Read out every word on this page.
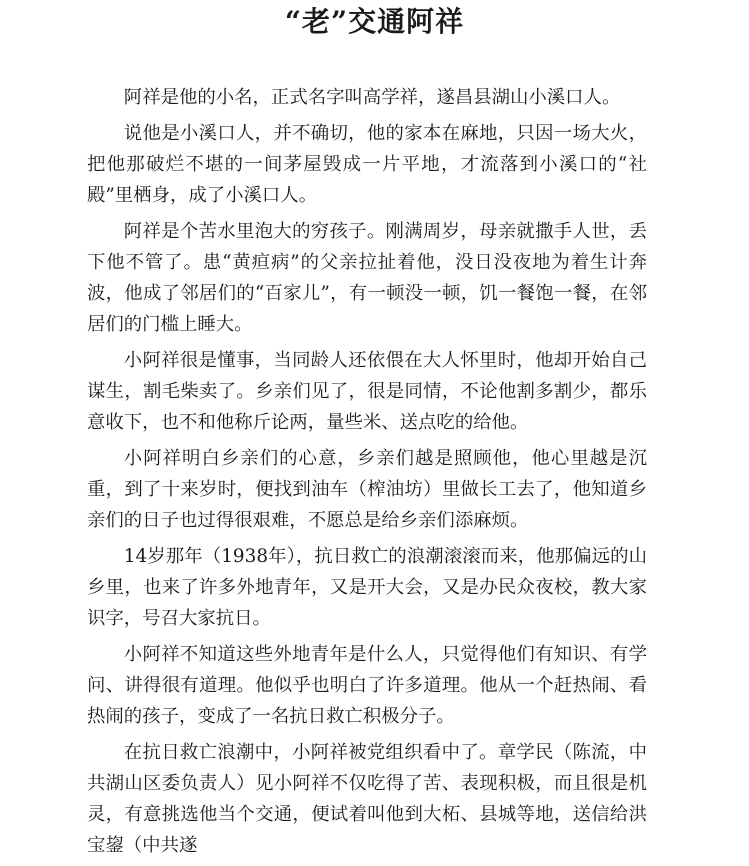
“老”交通阿祥

阿祥是他的小名，正式名字叫高学祥，遂昌县湖山小溪口人。

说他是小溪口人，并不确切，他的家本在麻地，只因一场大火，把他那破烂不堪的一间茅屋毁成一片平地，才流落到小溪口的“社殿”里栖身，成了小溪口人。

阿祥是个苦水里泡大的穷孩子。刚满周岁，母亲就撒手人世，丢下他不管了。患“黄疸病”的父亲拉扯着他，没日没夜地为着生计奔波，他成了邻居们的“百家儿”，有一顿没一顿，饥一餐饱一餐，在邻居们的门槛上睡大。

小阿祥很是懂事，当同龄人还依偎在大人怀里时，他却开始自己谋生，割毛柴卖了。乡亲们见了，很是同情，不论他割多割少，都乐意收下，也不和他称斤论两，量些米、送点吃的给他。

小阿祥明白乡亲们的心意，乡亲们越是照顾他，他心里越是沉重，到了十来岁时，便找到油车（榨油坊）里做长工去了，他知道乡亲们的日子也过得很艰难，不愿总是给乡亲们添麻烦。

14岁那年（1938年），抗日救亡的浪潮滚滚而来，他那偏远的山乡里，也来了许多外地青年，又是开大会，又是办民众夜校，教大家识字，号召大家抗日。

小阿祥不知道这些外地青年是什么人，只觉得他们有知识、有学问、讲得很有道理。他似乎也明白了许多道理。他从一个赶热闹、看热闹的孩子，变成了一名抗日救亡积极分子。

在抗日救亡浪潮中，小阿祥被党组织看中了。章学民（陈流，中共湖山区委负责人）见小阿祥不仅吃得了苦、表现积极，而且很是机灵，有意挑选他当个交通，便试着叫他到大柘、县城等地，送信给洪宝鋆（中共遂
